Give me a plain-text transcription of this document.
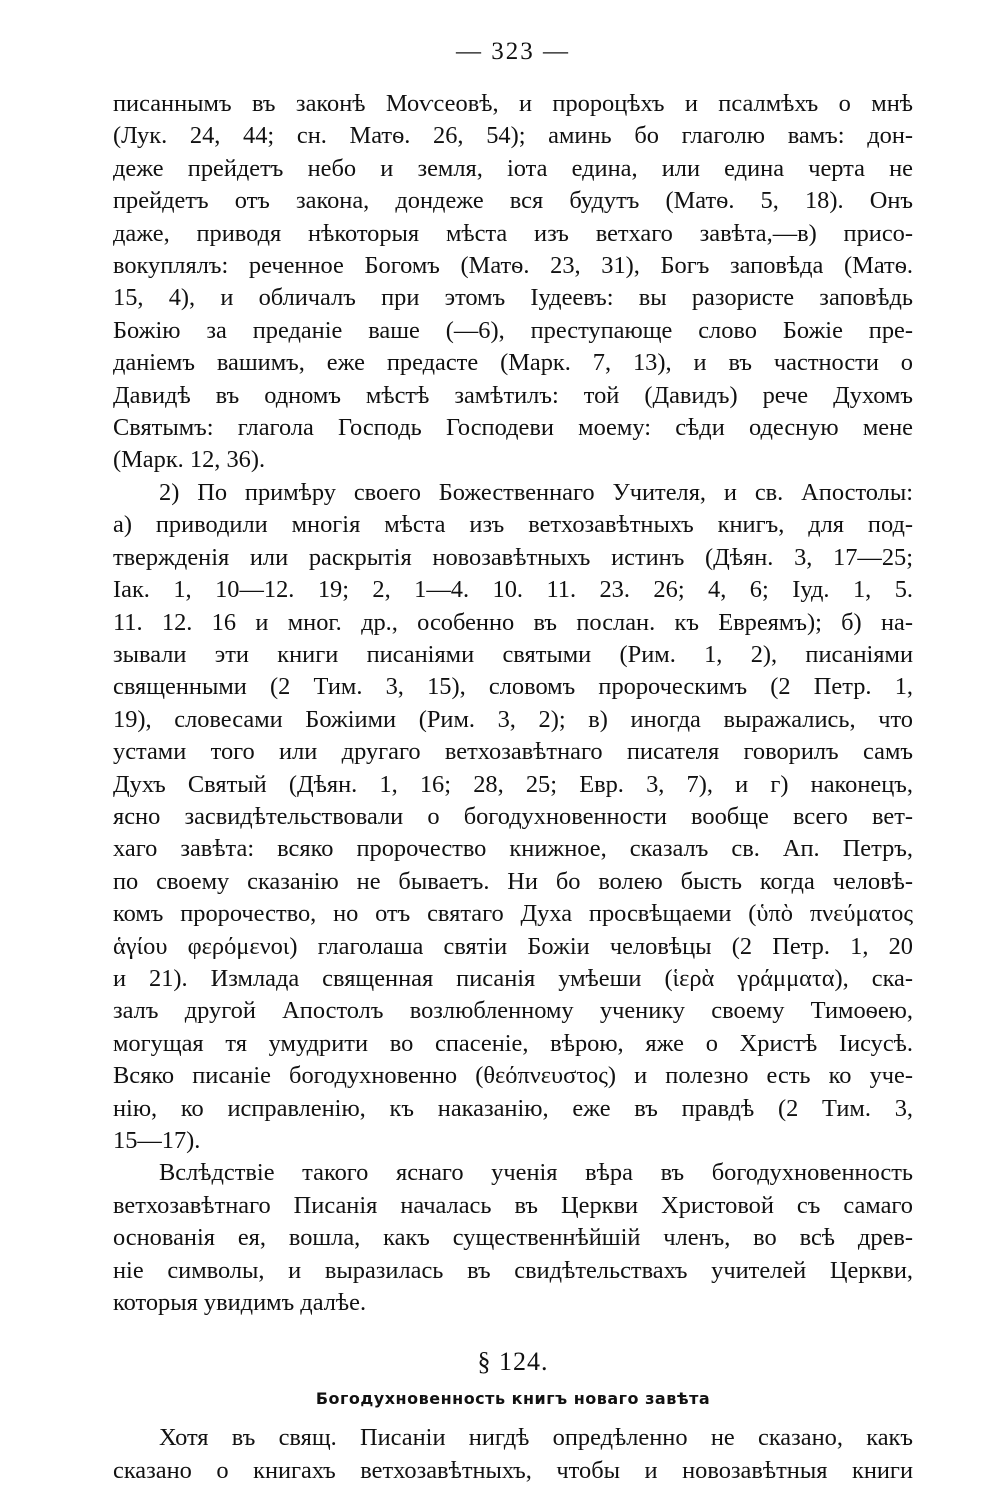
— 323 —
писаннымъ въ законѣ Моѵсеовѣ, и пророцѣхъ и псалмѣхъ о мнѣ
(Лук. 24, 44; сн. Матѳ. 26, 54); аминь бо глаголю вамъ: дон-
деже прейдетъ небо и земля, іота едина, или едина черта не
прейдетъ отъ закона, дондеже вся будутъ (Матѳ. 5, 18). Онъ
даже, приводя нѣкоторыя мѣста изъ ветхаго завѣта,—в) присо-
вокуплялъ: реченное Богомъ (Матѳ. 23, 31), Богъ заповѣда (Матѳ.
15, 4), и обличалъ при этомъ Іудеевъ: вы разористе заповѣдь
Божію за преданіе ваше (—6), преступающе слово Божіе пре-
даніемъ вашимъ, еже предасте (Марк. 7, 13), и въ частности о
Давидѣ въ одномъ мѣстѣ замѣтилъ: той (Давидъ) рече Духомъ
Святымъ: глагола Господь Господеви моему: сѣди одесную мене
(Марк. 12, 36).
2) По примѣру своего Божественнаго Учителя, и св. Апостолы:
а) приводили многія мѣста изъ ветхозавѣтныхъ книгъ, для под-
твержденія или раскрытія новозавѣтныхъ истинъ (Дѣян. 3, 17—25;
Іак. 1, 10—12. 19; 2, 1—4. 10. 11. 23. 26; 4, 6; Іуд. 1, 5.
11. 12. 16 и мног. др., особенно въ послан. къ Евреямъ); б) на-
зывали эти книги писаніями святыми (Рим. 1, 2), писаніями
священными (2 Тим. 3, 15), словомъ пророческимъ (2 Петр. 1,
19), словесами Божіими (Рим. 3, 2); в) иногда выражались, что
устами того или другаго ветхозавѣтнаго писателя говорилъ самъ
Духъ Святый (Дѣян. 1, 16; 28, 25; Евр. 3, 7), и г) наконецъ,
ясно засвидѣтельствовали о богодухновенности вообще всего вет-
хаго завѣта: всяко пророчество книжное, сказалъ св. Ап. Петръ,
по своему сказанію не бываетъ. Ни бо волею бысть когда человѣ-
комъ пророчество, но отъ святаго Духа просвѣщаеми (ὑπὸ πνεύματος
ἁγίου φερόμενοι) глаголаша святіи Божіи человѣцы (2 Петр. 1, 20
и 21). Измлада священная писанія умѣеши (ἱερὰ γράμματα), ска-
залъ другой Апостолъ возлюбленному ученику своему Тимоѳею,
могущая тя умудрити во спасеніе, вѣрою, яже о Христѣ Іисусѣ.
Всяко писаніе богодухновенно (θεόπνευστος) и полезно есть ко уче-
нію, ко исправленію, къ наказанію, еже въ правдѣ (2 Тим. 3,
15—17).
Вслѣдствіе такого яснаго ученія вѣра въ богодухновенность
ветхозавѣтнаго Писанія началась въ Церкви Христовой съ самаго
основанія ея, вошла, какъ существеннѣйшій членъ, во всѣ древ-
ніе символы, и выразилась въ свидѣтельствахъ учителей Церкви,
которыя увидимъ далѣе.
§ 124.
Богодухновенность книгъ новаго завѣта
Хотя въ свящ. Писаніи нигдѣ опредѣленно не сказано, какъ
сказано о книгахъ ветхозавѣтныхъ, чтобы и новозавѣтныя книги
